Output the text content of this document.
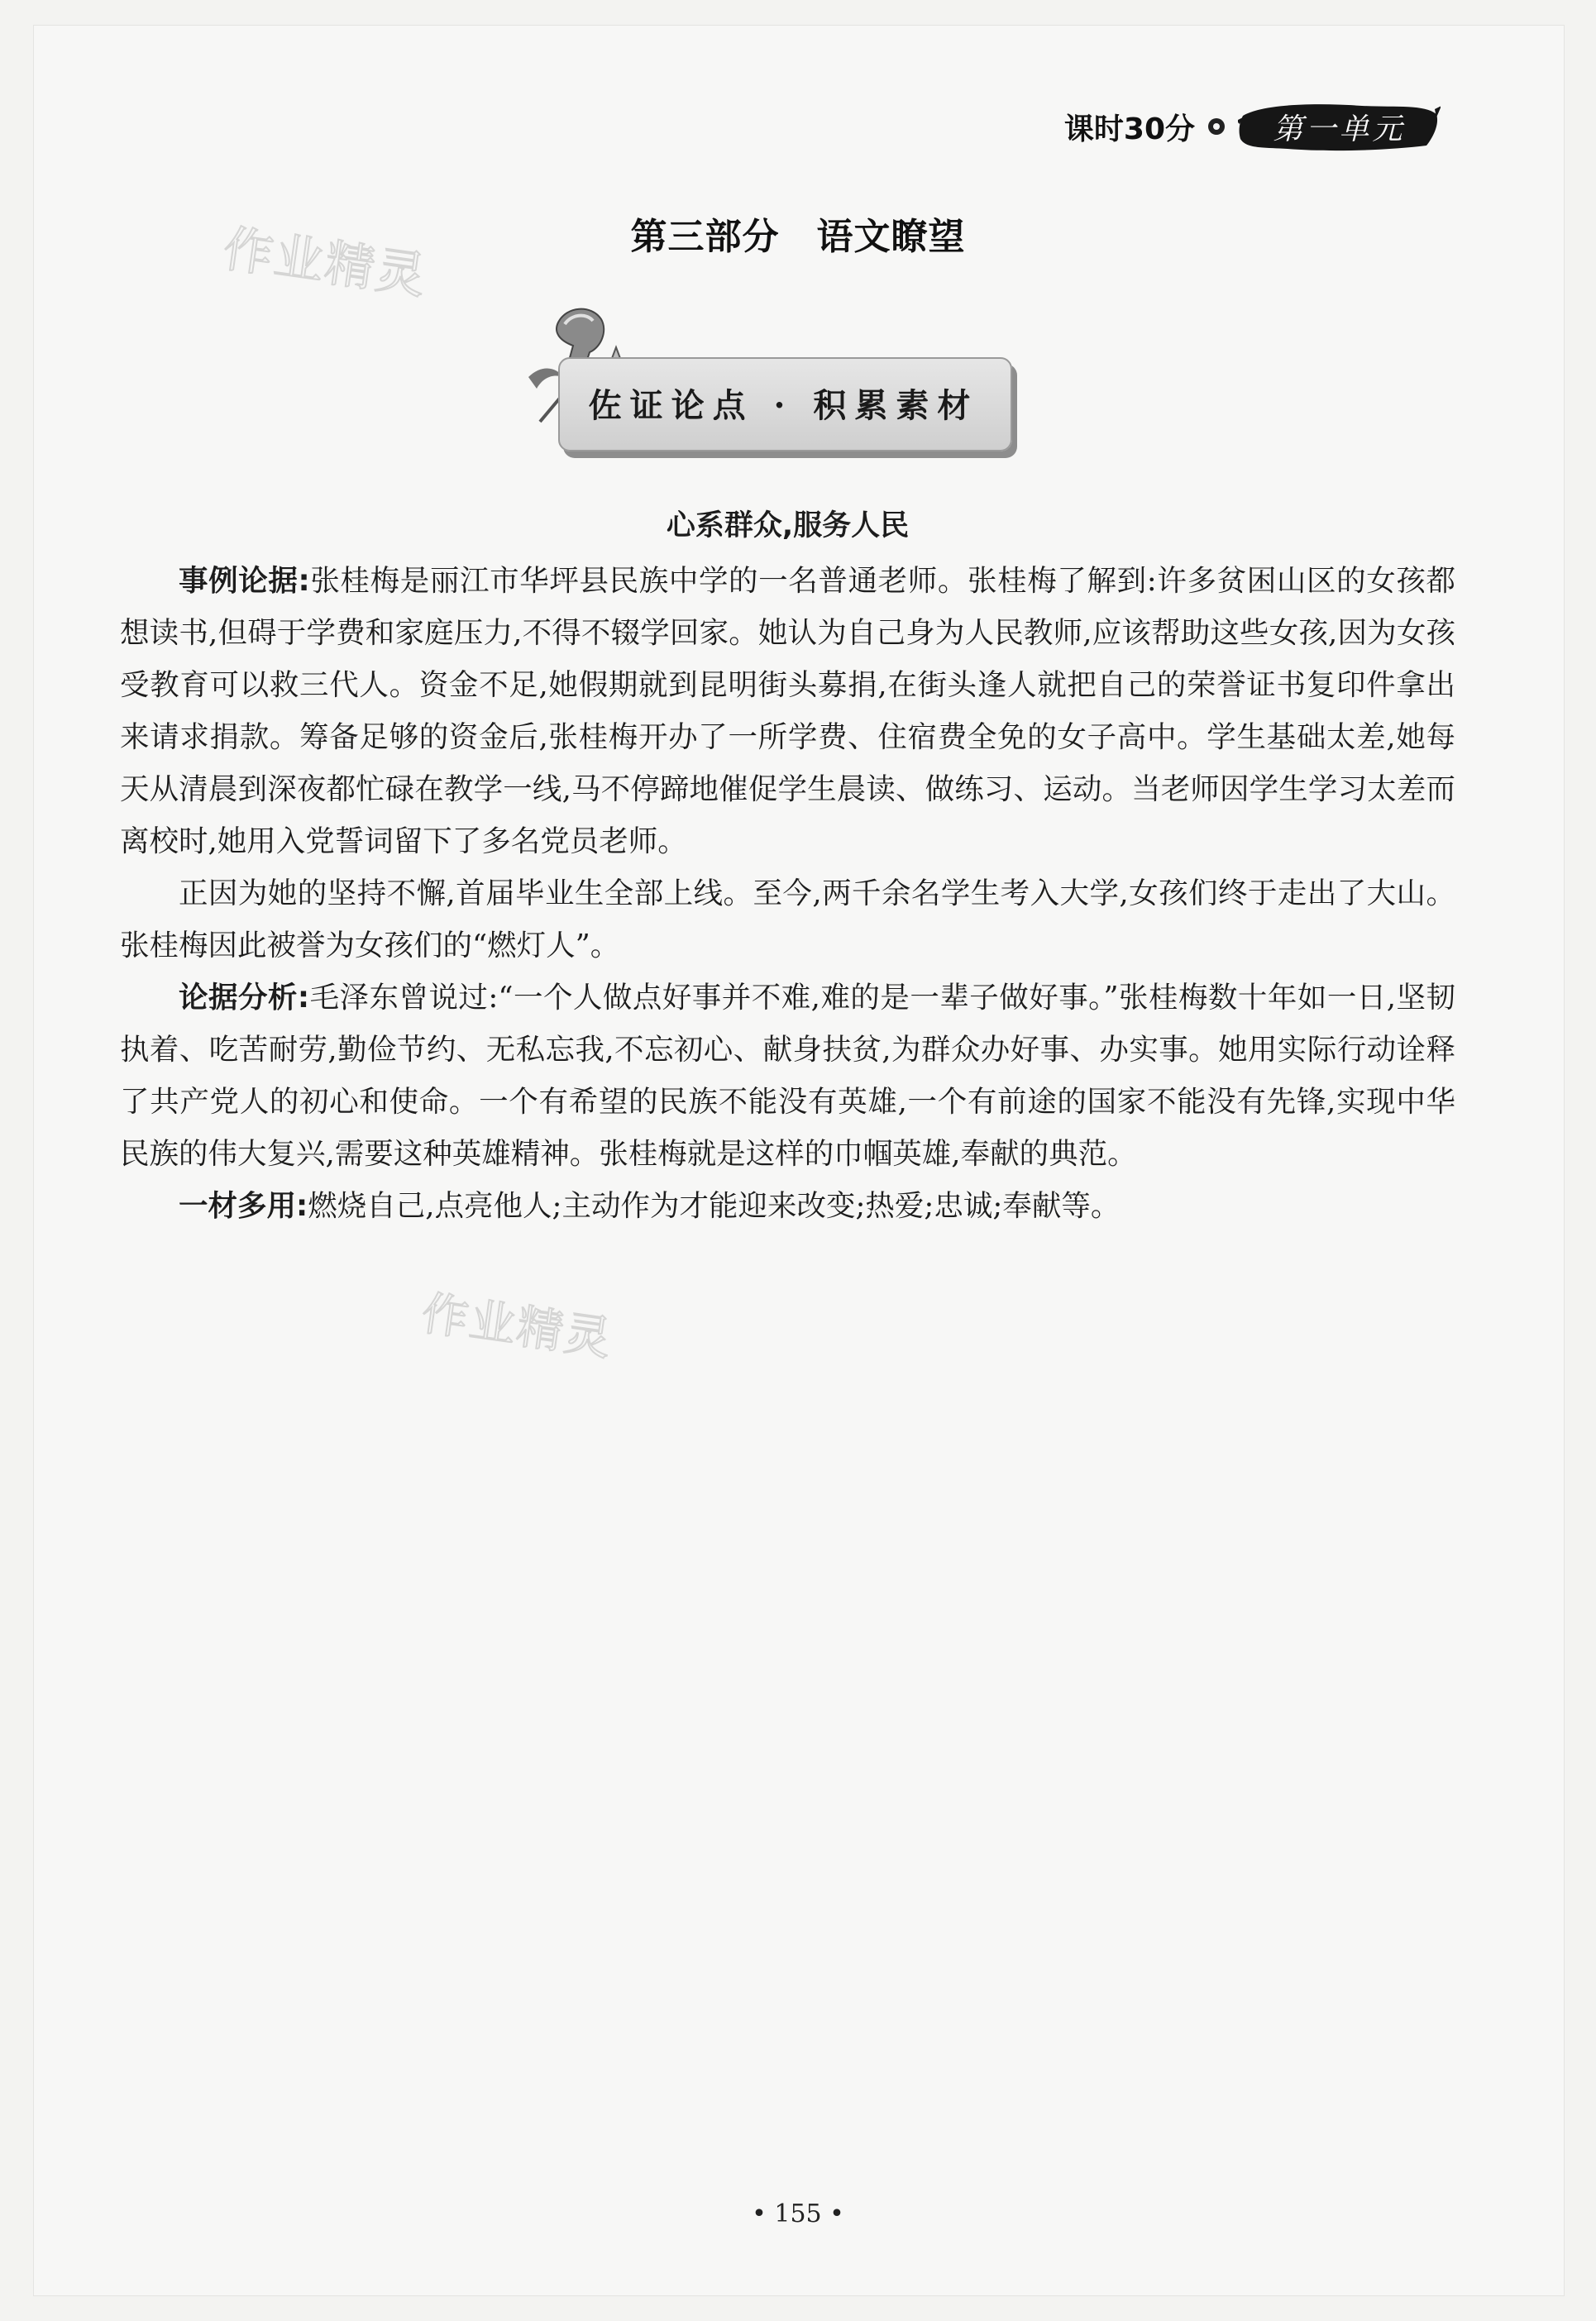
课时30分	第一单元
作业精灵
作业精灵
第三部分　语文瞭望
佐证论点 · 积累素材
心系群众,服务人民

事例论据:张桂梅是丽江市华坪县民族中学的一名普通老师。张桂梅了解到:许多贫困山区的女孩都想读书,但碍于学费和家庭压力,不得不辍学回家。她认为自己身为人民教师,应该帮助这些女孩,因为女孩受教育可以救三代人。资金不足,她假期就到昆明街头募捐,在街头逢人就把自己的荣誉证书复印件拿出来请求捐款。筹备足够的资金后,张桂梅开办了一所学费、住宿费全免的女子高中。学生基础太差,她每天从清晨到深夜都忙碌在教学一线,马不停蹄地催促学生晨读、做练习、运动。当老师因学生学习太差而离校时,她用入党誓词留下了多名党员老师。

正因为她的坚持不懈,首届毕业生全部上线。至今,两千余名学生考入大学,女孩们终于走出了大山。张桂梅因此被誉为女孩们的“燃灯人”。

论据分析:毛泽东曾说过:“一个人做点好事并不难,难的是一辈子做好事。”张桂梅数十年如一日,坚韧执着、吃苦耐劳,勤俭节约、无私忘我,不忘初心、献身扶贫,为群众办好事、办实事。她用实际行动诠释了共产党人的初心和使命。一个有希望的民族不能没有英雄,一个有前途的国家不能没有先锋,实现中华民族的伟大复兴,需要这种英雄精神。张桂梅就是这样的巾帼英雄,奉献的典范。

一材多用:燃烧自己,点亮他人;主动作为才能迎来改变;热爱;忠诚;奉献等。

• 155 •
